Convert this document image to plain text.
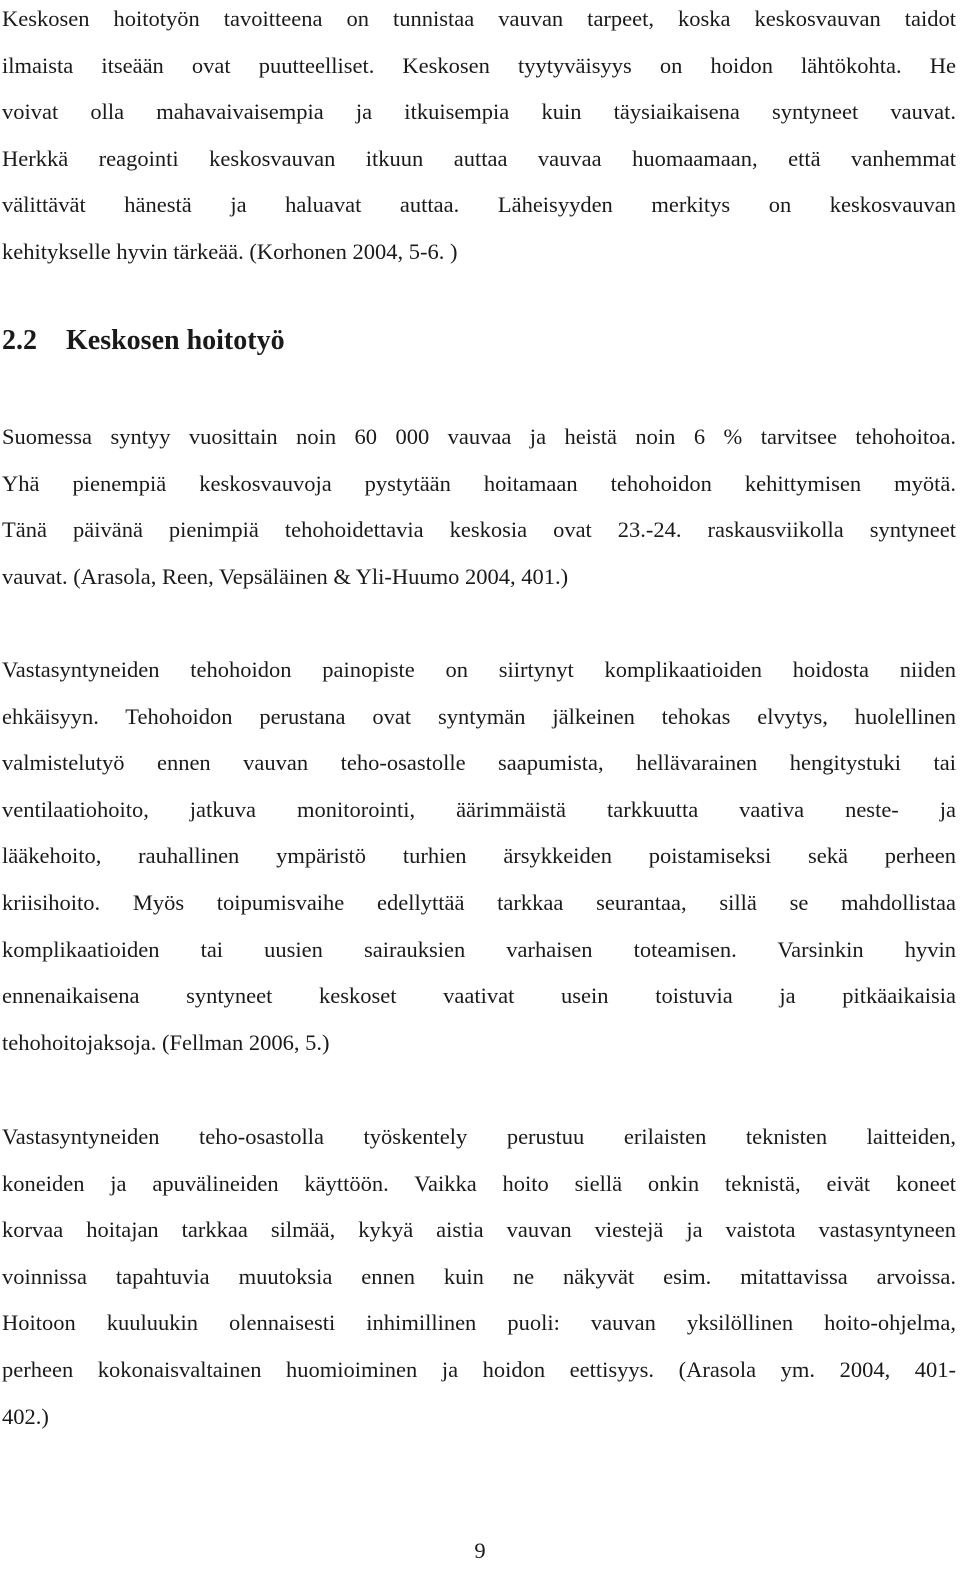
Keskosen hoitotyön tavoitteena on tunnistaa vauvan tarpeet, koska keskosvauvan taidot
ilmaista itseään ovat puutteelliset. Keskosen tyytyväisyys on hoidon lähtökohta. He
voivat olla mahavaivaisempia ja itkuisempia kuin täysiaikaisena syntyneet vauvat.
Herkkä reagointi keskosvauvan itkuun auttaa vauvaa huomaamaan, että vanhemmat
välittävät hänestä ja haluavat auttaa. Läheisyyden merkitys on keskosvauvan
kehitykselle hyvin tärkeää. (Korhonen 2004, 5-6. )
2.2 Keskosen hoitotyö
Suomessa syntyy vuosittain noin 60 000 vauvaa ja heistä noin 6 % tarvitsee tehohoitoa.
Yhä pienempiä keskosvauvoja pystytään hoitamaan tehohoidon kehittymisen myötä.
Tänä päivänä pienimpiä tehohoidettavia keskosia ovat 23.-24. raskausviikolla syntyneet
vauvat. (Arasola, Reen, Vepsäläinen & Yli-Huumo 2004, 401.)
Vastasyntyneiden tehohoidon painopiste on siirtynyt komplikaatioiden hoidosta niiden
ehkäisyyn. Tehohoidon perustana ovat syntymän jälkeinen tehokas elvytys, huolellinen
valmistelutyö ennen vauvan teho-osastolle saapumista, hellävarainen hengitystuki tai
ventilaatiohoito, jatkuva monitorointi, äärimmäistä tarkkuutta vaativa neste- ja
lääkehoito, rauhallinen ympäristö turhien ärsykkeiden poistamiseksi sekä perheen
kriisihoito. Myös toipumisvaihe edellyttää tarkkaa seurantaa, sillä se mahdollistaa
komplikaatioiden tai uusien sairauksien varhaisen toteamisen. Varsinkin hyvin
ennenaikaisena syntyneet keskoset vaativat usein toistuvia ja pitkäaikaisia
tehohoitojaksoja. (Fellman 2006, 5.)
Vastasyntyneiden teho-osastolla työskentely perustuu erilaisten teknisten laitteiden,
koneiden ja apuvälineiden käyttöön. Vaikka hoito siellä onkin teknistä, eivät koneet
korvaa hoitajan tarkkaa silmää, kykyä aistia vauvan viestejä ja vaistota vastasyntyneen
voinnissa tapahtuvia muutoksia ennen kuin ne näkyvät esim. mitattavissa arvoissa.
Hoitoon kuuluukin olennaisesti inhimillinen puoli: vauvan yksilöllinen hoito-ohjelma,
perheen kokonaisvaltainen huomioiminen ja hoidon eettisyys. (Arasola ym. 2004, 401-
402.)
9
